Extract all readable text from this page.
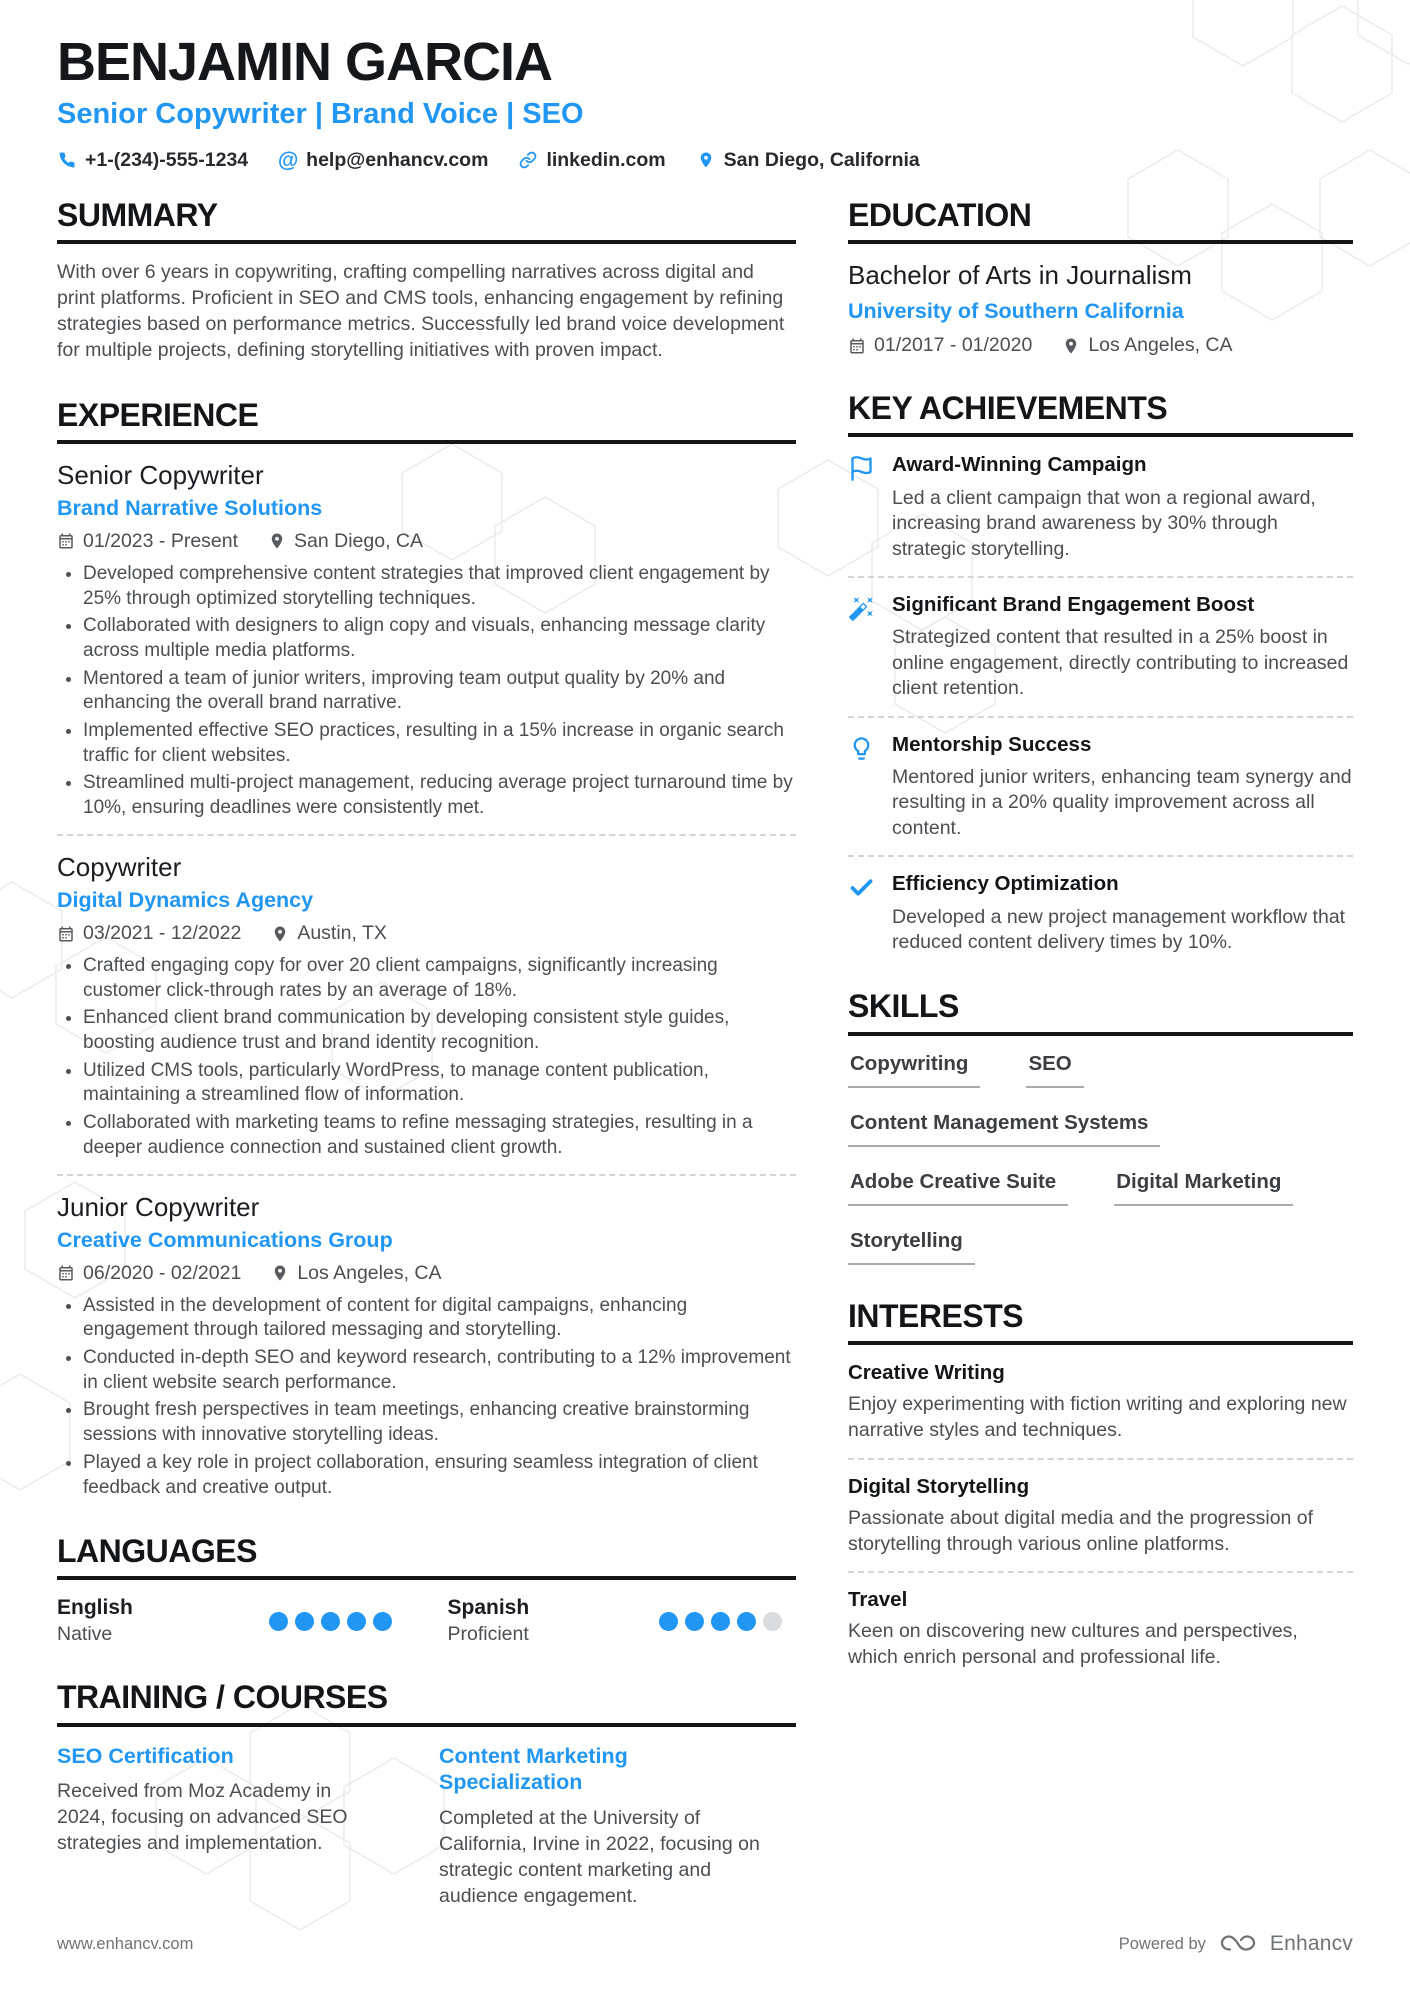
BENJAMIN GARCIA
Senior Copywriter | Brand Voice | SEO
+1-(234)-555-1234 @ help@enhancv.com	linkedin.com	San Diego, California
SUMMARY

With over 6 years in copywriting, crafting compelling narratives across digital and print platforms. Proficient in SEO and CMS tools, enhancing engagement by refining strategies based on performance metrics. Successfully led brand voice development for multiple projects, defining storytelling initiatives with proven impact.

EXPERIENCE
Senior Copywriter
Brand Narrative Solutions
01/2023 - Present	San Diego, CA
• Developed comprehensive content strategies that improved client engagement by 25% through optimized storytelling techniques.
• Collaborated with designers to align copy and visuals, enhancing message clarity across multiple media platforms.
• Mentored a team of junior writers, improving team output quality by 20% and enhancing the overall brand narrative.
• Implemented effective SEO practices, resulting in a 15% increase in organic search traffic for client websites.
• Streamlined multi-project management, reducing average project turnaround time by 10%, ensuring deadlines were consistently met.
Copywriter
Digital Dynamics Agency
03/2021 - 12/2022	Austin, TX
• Crafted engaging copy for over 20 client campaigns, significantly increasing customer click-through rates by an average of 18%.
• Enhanced client brand communication by developing consistent style guides, boosting audience trust and brand identity recognition.
• Utilized CMS tools, particularly WordPress, to manage content publication, maintaining a streamlined flow of information.
• Collaborated with marketing teams to refine messaging strategies, resulting in a deeper audience connection and sustained client growth.
Junior Copywriter
Creative Communications Group
06/2020 - 02/2021	Los Angeles, CA
• Assisted in the development of content for digital campaigns, enhancing engagement through tailored messaging and storytelling.
• Conducted in-depth SEO and keyword research, contributing to a 12% improvement in client website search performance.
• Brought fresh perspectives in team meetings, enhancing creative brainstorming sessions with innovative storytelling ideas.
• Played a key role in project collaboration, ensuring seamless integration of client feedback and creative output.
LANGUAGES
English
Native
Spanish
Proficient
TRAINING / COURSES
SEO Certification

Received from Moz Academy in 2024, focusing on advanced SEO strategies and implementation.

Content Marketing Specialization

Completed at the University of California, Irvine in 2022, focusing on strategic content marketing and audience engagement.

EDUCATION
Bachelor of Arts in Journalism
University of Southern California
01/2017 - 01/2020	Los Angeles, CA
KEY ACHIEVEMENTS
Award-Winning Campaign

Led a client campaign that won a regional award, increasing brand awareness by 30% through strategic storytelling.

Significant Brand Engagement Boost

Strategized content that resulted in a 25% boost in online engagement, directly contributing to increased client retention.

Mentorship Success

Mentored junior writers, enhancing team synergy and resulting in a 20% quality improvement across all content.

Efficiency Optimization

Developed a new project management workflow that reduced content delivery times by 10%.

SKILLS
Copywriting	SEO
Content Management Systems
Adobe Creative Suite	Digital Marketing
Storytelling
INTERESTS
Creative Writing

Enjoy experimenting with fiction writing and exploring new narrative styles and techniques.

Digital Storytelling

Passionate about digital media and the progression of storytelling through various online platforms.

Travel

Keen on discovering new cultures and perspectives, which enrich personal and professional life.

www.enhancv.com	Powered by	Enhancv
